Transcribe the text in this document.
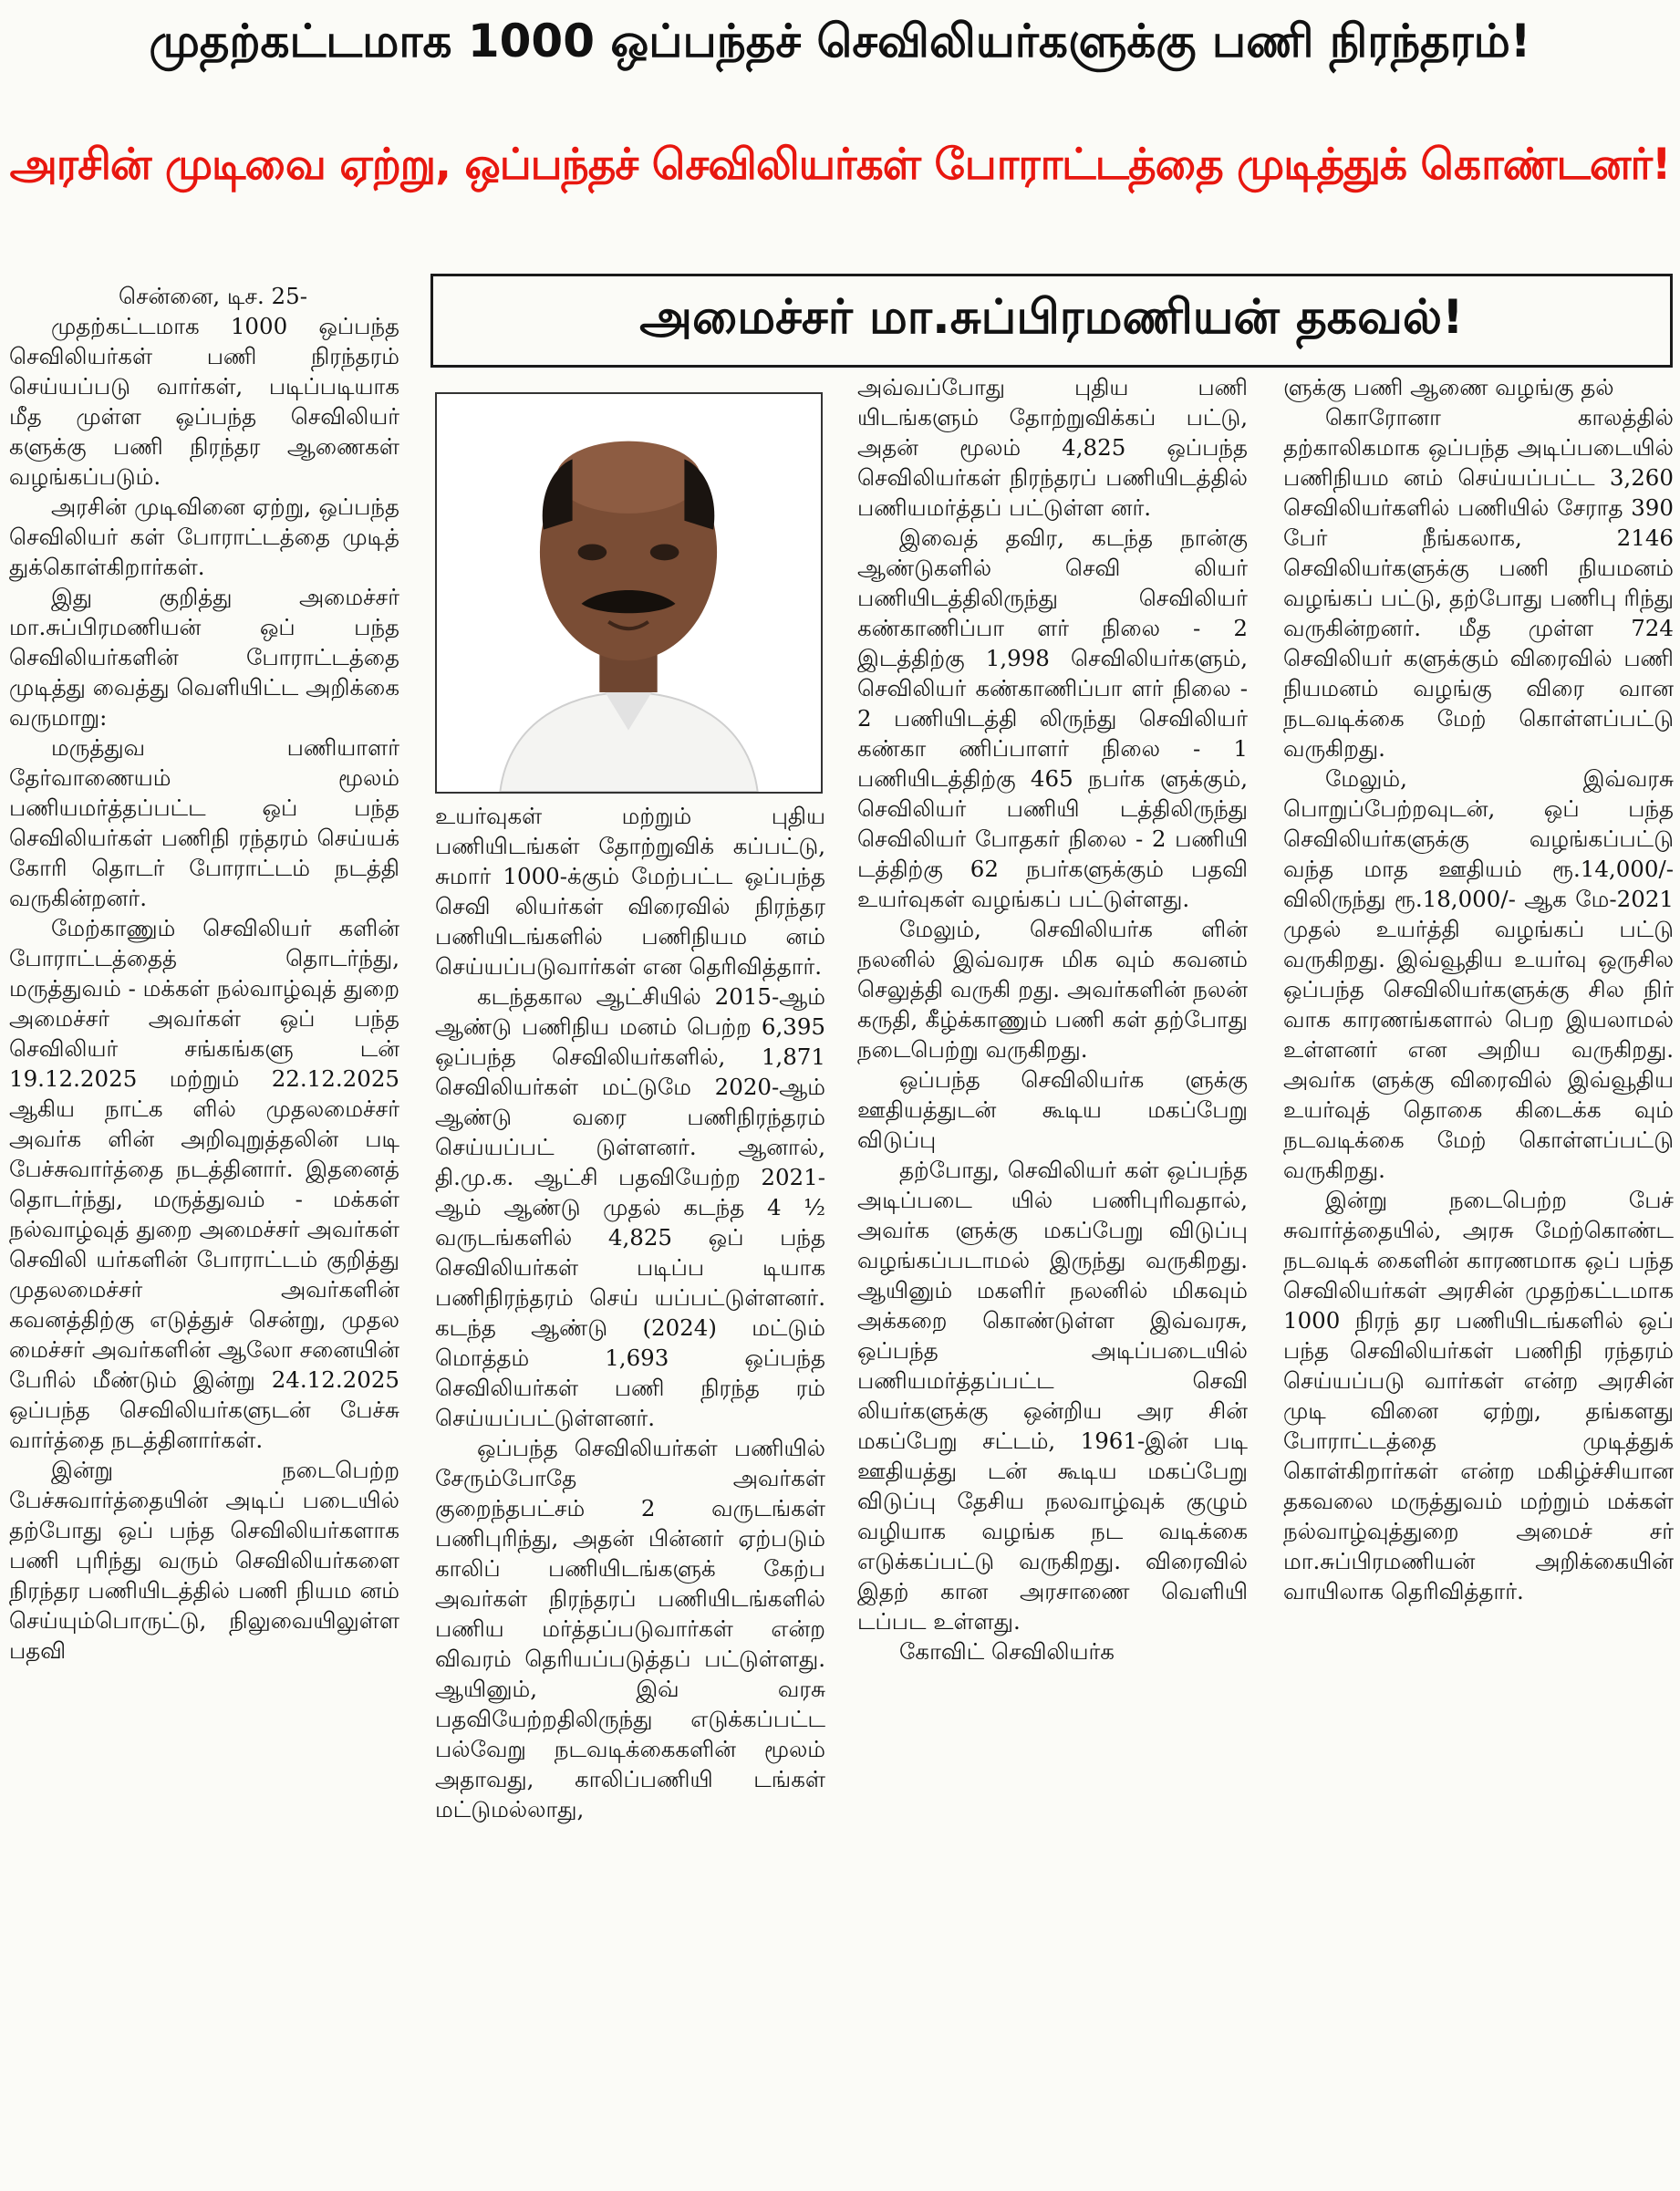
முதற்கட்டமாக 1000 ஒப்பந்தச் செவிலியர்களுக்கு பணி நிரந்தரம்!
அரசின் முடிவை ஏற்று, ஒப்பந்தச் செவிலியர்கள் போராட்டத்தை முடித்துக் கொண்டனர்!
அமைச்சர் மா.சுப்பிரமணியன் தகவல்!

சென்னை, டிச. 25-

முதற்கட்டமாக 1000 ஒப்பந்த செவிலியர்கள் பணி நிரந்தரம் செய்யப்படு வார்கள், படிப்படியாக மீத முள்ள ஒப்பந்த செவிலியர் களுக்கு பணி நிரந்தர ஆணைகள் வழங்கப்படும்.

அரசின் முடிவினை ஏற்று, ஒப்பந்த செவிலியர் கள் போராட்டத்தை முடித் துக்கொள்கிறார்கள்.

இது குறித்து அமைச்சர் மா.சுப்பிரமணியன் ஒப் பந்த செவிலியர்களின் போராட்டத்தை முடித்து வைத்து வெளியிட்ட அறிக்கை வருமாறு:

மருத்துவ பணியாளர் தேர்வாணையம் மூலம் பணியமர்த்தப்பட்ட ஒப் பந்த செவிலியர்கள் பணிநி ரந்தரம் செய்யக் கோரி தொடர் போராட்டம் நடத்தி வருகின்றனர்.

மேற்காணும் செவிலியர் களின் போராட்டத்தைத் தொடர்ந்து, மருத்துவம் - மக்கள் நல்வாழ்வுத் துறை அமைச்சர் அவர்கள் ஒப் பந்த செவிலியர் சங்கங்களு டன் 19.12.2025 மற்றும் 22.12.2025 ஆகிய நாட்க ளில் முதலமைச்சர் அவர்க ளின் அறிவுறுத்தலின் படி பேச்சுவார்த்தை நடத்தினார். இதனைத் தொடர்ந்து, மருத்துவம் - மக்கள் நல்வாழ்வுத் துறை அமைச்சர் அவர்கள் செவிலி யர்களின் போராட்டம் குறித்து முதலமைச்சர் அவர்களின் கவனத்திற்கு எடுத்துச் சென்று, முதல மைச்சர் அவர்களின் ஆலோ சனையின் பேரில் மீண்டும் இன்று 24.12.2025 ஒப்பந்த செவிலியர்களுடன் பேச்சு வார்த்தை நடத்தினார்கள்.

இன்று நடைபெற்ற பேச்சுவார்த்தையின் அடிப் படையில் தற்போது ஒப் பந்த செவிலியர்களாக பணி புரிந்து வரும் செவிலியர்களை நிரந்தர பணியிடத்தில் பணி நியம னம் செய்யும்பொருட்டு, நிலுவையிலுள்ள பதவி

உயர்வுகள் மற்றும் புதிய பணியிடங்கள் தோற்றுவிக் கப்பட்டு, சுமார் 1000-க்கும் மேற்பட்ட ஒப்பந்த செவி லியர்கள் விரைவில் நிரந்தர பணியிடங்களில் பணிநியம னம் செய்யப்படுவார்கள் என தெரிவித்தார்.

கடந்தகால ஆட்சியில் 2015-ஆம் ஆண்டு பணிநிய மனம் பெற்ற 6,395 ஒப்பந்த செவிலியர்களில், 1,871 செவிலியர்கள் மட்டுமே 2020-ஆம் ஆண்டு வரை பணிநிரந்தரம் செய்யப்பட் டுள்ளனர். ஆனால், தி.மு.க. ஆட்சி பதவியேற்ற 2021-ஆம் ஆண்டு முதல் கடந்த 4 ½ வருடங்களில் 4,825 ஒப் பந்த செவிலியர்கள் படிப்ப டியாக பணிநிரந்தரம் செய் யப்பட்டுள்ளனர். கடந்த ஆண்டு (2024) மட்டும் மொத்தம் 1,693 ஒப்பந்த செவிலியர்கள் பணி நிரந்த ரம் செய்யப்பட்டுள்ளனர்.

ஒப்பந்த செவிலியர்கள் பணியில் சேரும்போதே அவர்கள் குறைந்தபட்சம் 2 வருடங்கள் பணிபுரிந்து, அதன் பின்னர் ஏற்படும் காலிப் பணியிடங்களுக் கேற்ப அவர்கள் நிரந்தரப் பணியிடங்களில் பணிய மர்த்தப்படுவார்கள் என்ற விவரம் தெரியப்படுத்தப் பட்டுள்ளது. ஆயினும், இவ் வரசு பதவியேற்றதிலிருந்து எடுக்கப்பட்ட பல்வேறு நடவடிக்கைகளின் மூலம் அதாவது, காலிப்பணியி டங்கள் மட்டுமல்லாது,

அவ்வப்போது புதிய பணி யிடங்களும் தோற்றுவிக்கப் பட்டு, அதன் மூலம் 4,825 ஒப்பந்த செவிலியர்கள் நிரந்தரப் பணியிடத்தில் பணியமர்த்தப் பட்டுள்ள னர்.

இவைத் தவிர, கடந்த நான்கு ஆண்டுகளில் செவி லியர் பணியிடத்திலிருந்து செவிலியர் கண்காணிப்பா ளர் நிலை - 2 இடத்திற்கு 1,998 செவிலியர்களும், செவிலியர் கண்காணிப்பா ளர் நிலை - 2 பணியிடத்தி லிருந்து செவிலியர் கண்கா ணிப்பாளர் நிலை - 1 பணியிடத்திற்கு 465 நபர்க ளுக்கும், செவிலியர் பணியி டத்திலிருந்து செவிலியர் போதகர் நிலை - 2 பணியி டத்திற்கு 62 நபர்களுக்கும் பதவி உயர்வுகள் வழங்கப் பட்டுள்ளது.

மேலும், செவிலியர்க ளின் நலனில் இவ்வரசு மிக வும் கவனம் செலுத்தி வருகி றது. அவர்களின் நலன் கருதி, கீழ்க்காணும் பணி கள் தற்போது நடைபெற்று வருகிறது.

ஒப்பந்த செவிலியர்க ளுக்கு ஊதியத்துடன் கூடிய மகப்பேறு விடுப்பு

தற்போது, செவிலியர் கள் ஒப்பந்த அடிப்படை யில் பணிபுரிவதால், அவர்க ளுக்கு மகப்பேறு விடுப்பு வழங்கப்படாமல் இருந்து வருகிறது. ஆயினும் மகளிர் நலனில் மிகவும் அக்கறை கொண்டுள்ள இவ்வரசு, ஒப்பந்த அடிப்படையில் பணியமர்த்தப்பட்ட செவி லியர்களுக்கு ஒன்றிய அர சின் மகப்பேறு சட்டம், 1961-இன் படி ஊதியத்து டன் கூடிய மகப்பேறு விடுப்பு தேசிய நலவாழ்வுக் குழும் வழியாக வழங்க நட வடிக்கை எடுக்கப்பட்டு வருகிறது. விரைவில் இதற் கான அரசாணை வெளியி டப்பட உள்ளது.

கோவிட் செவிலியர்க

ளுக்கு பணி ஆணை வழங்கு தல்

கொரோனா காலத்தில் தற்காலிகமாக ஒப்பந்த அடிப்படையில் பணிநியம னம் செய்யப்பட்ட 3,260 செவிலியர்களில் பணியில் சேராத 390 பேர் நீங்கலாக, 2146 செவிலியர்களுக்கு பணி நியமனம் வழங்கப் பட்டு, தற்போது பணிபு ரிந்து வருகின்றனர். மீத முள்ள 724 செவிலியர் களுக்கும் விரைவில் பணி நியமனம் வழங்கு விரை வான நடவடிக்கை மேற் கொள்ளப்பட்டு வருகிறது.

மேலும், இவ்வரசு பொறுப்பேற்றவுடன், ஒப் பந்த செவிலியர்களுக்கு வழங்கப்பட்டு வந்த மாத ஊதியம் ரூ.14,000/-விலிருந்து ரூ.18,000/- ஆக மே-2021 முதல் உயர்த்தி வழங்கப் பட்டு வருகிறது. இவ்வூதிய உயர்வு ஒருசில ஒப்பந்த செவிலியர்களுக்கு சில நிர் வாக காரணங்களால் பெற இயலாமல் உள்ளனர் என அறிய வருகிறது. அவர்க ளுக்கு விரைவில் இவ்வூதிய உயர்வுத் தொகை கிடைக்க வும் நடவடிக்கை மேற் கொள்ளப்பட்டு வருகிறது.

இன்று நடைபெற்ற பேச் சுவார்த்தையில், அரசு மேற்கொண்ட நடவடிக் கைளின் காரணமாக ஒப் பந்த செவிலியர்கள் அரசின் முதற்கட்டமாக 1000 நிரந் தர பணியிடங்களில் ஒப் பந்த செவிலியர்கள் பணிநி ரந்தரம் செய்யப்படு வார்கள் என்ற அரசின் முடி வினை ஏற்று, தங்களது போராட்டத்தை முடித்துக் கொள்கிறார்கள் என்ற மகிழ்ச்சியான தகவலை மருத்துவம் மற்றும் மக்கள் நல்வாழ்வுத்துறை அமைச் சர் மா.சுப்பிரமணியன் அறிக்கையின் வாயிலாக தெரிவித்தார்.
